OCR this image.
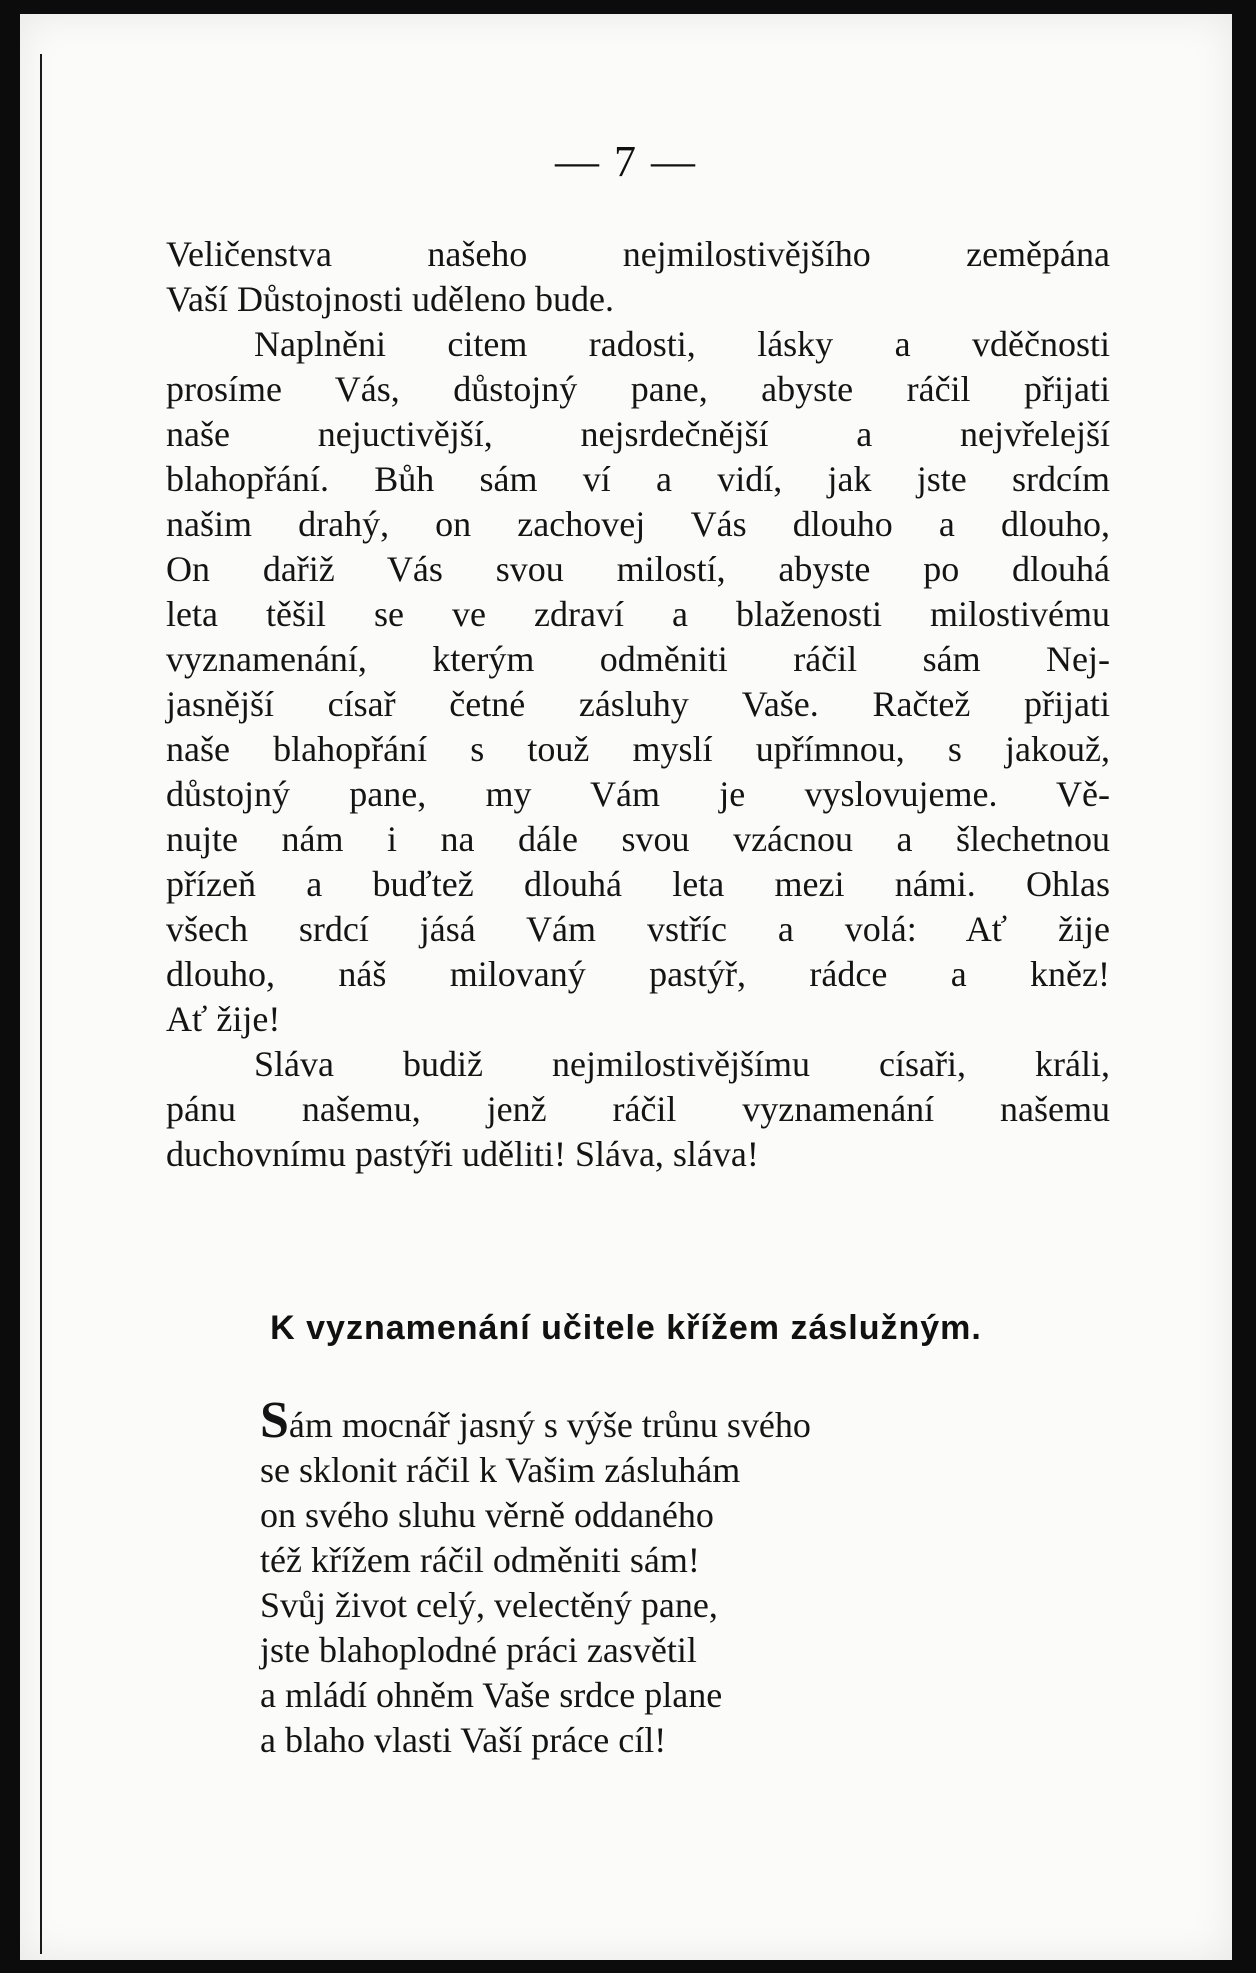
— 7 —
Veličenstva našeho nejmilostivějšího zeměpána
Vaší Důstojnosti uděleno bude.
Naplněni citem radosti, lásky a vděčnosti
prosíme Vás, důstojný pane, abyste ráčil přijati
naše nejuctivější, nejsrdečnější a nejvřelejší
blahopřání. Bůh sám ví a vidí, jak jste srdcím
našim drahý, on zachovej Vás dlouho a dlouho,
On dařiž Vás svou milostí, abyste po dlouhá
leta těšil se ve zdraví a blaženosti milostivému
vyznamenání, kterým odměniti ráčil sám Nej-
jasnější císař četné zásluhy Vaše. Račtež přijati
naše blahopřání s touž myslí upřímnou, s jakouž,
důstojný pane, my Vám je vyslovujeme. Vě-
nujte nám i na dále svou vzácnou a šlechetnou
přízeň a buďtež dlouhá leta mezi námi. Ohlas
všech srdcí jásá Vám vstříc a volá: Ať žije
dlouho, náš milovaný pastýř, rádce a kněz!
Ať žije!
Sláva budiž nejmilostivějšímu císaři, králi,
pánu našemu, jenž ráčil vyznamenání našemu
duchovnímu pastýři uděliti! Sláva, sláva!
K vyznamenání učitele křížem záslužným.
Sám mocnář jasný s výše trůnu svého
se sklonit ráčil k Vašim zásluhám
on svého sluhu věrně oddaného
též křížem ráčil odměniti sám!
Svůj život celý, velectěný pane,
jste blahoplodné práci zasvětil
a mládí ohněm Vaše srdce plane
a blaho vlasti Vaší práce cíl!
